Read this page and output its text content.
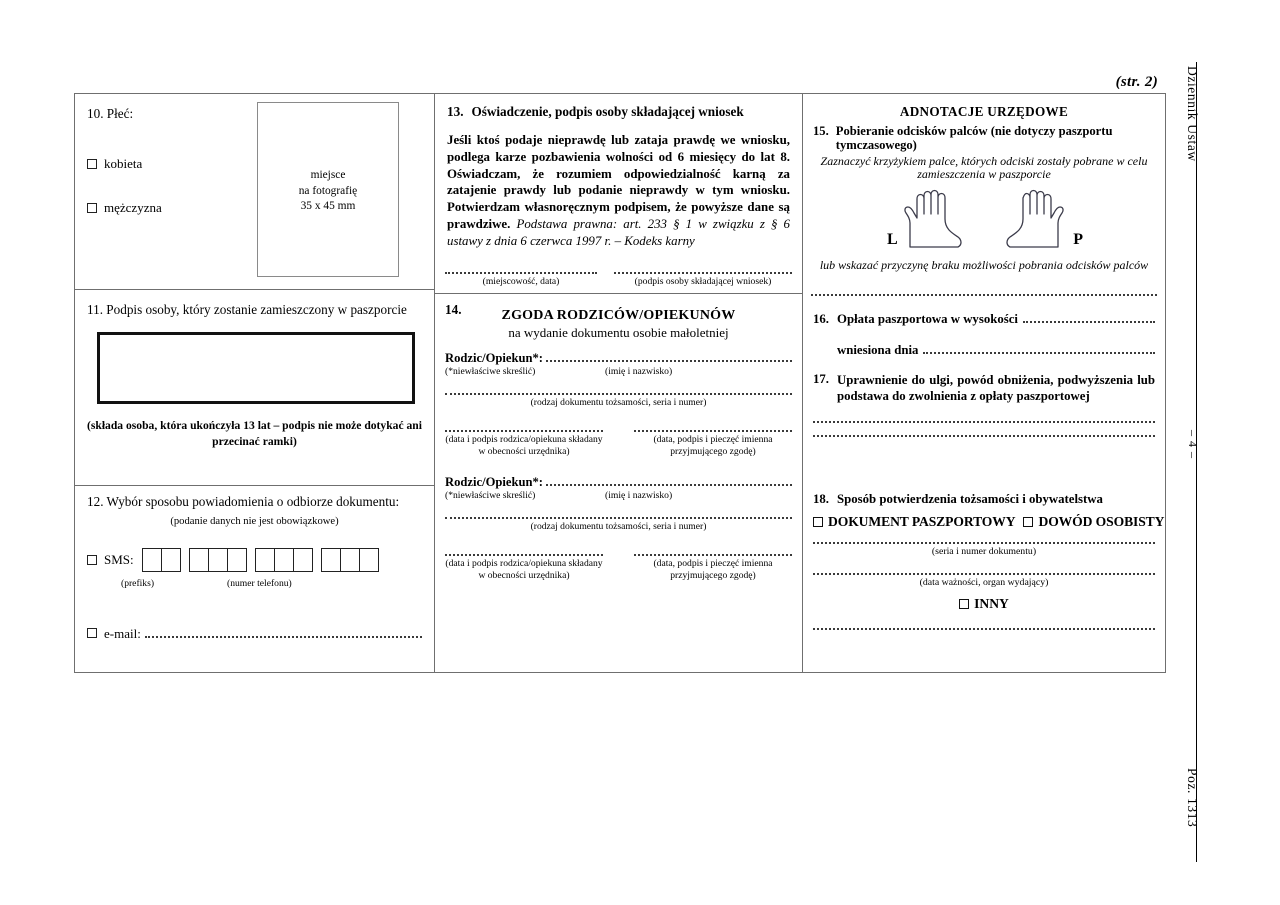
(str. 2) Dziennik Ustaw
– 4 –
Poz. 1313
10. Płeć:
kobieta
mężczyzna
miejsce
na fotografię
35 x 45 mm
11. Podpis osoby, który zostanie zamieszczony w paszporcie
(składa osoba, która ukończyła 13 lat – podpis nie może dotykać ani przecinać ramki)
12. Wybór sposobu powiadomienia o odbiorze dokumentu:
(podanie danych nie jest obowiązkowe)
SMS:
(prefiks)	(numer telefonu)
e-mail:
13. Oświadczenie, podpis osoby składającej wniosek
Jeśli ktoś podaje nieprawdę lub zataja prawdę we wniosku, podlega karze pozbawienia wolności od 6 miesięcy do lat 8. Oświadczam, że rozumiem odpowiedzialność karną za zatajenie prawdy lub podanie nieprawdy w tym wniosku. Potwierdzam własnoręcznym podpisem, że powyższe dane są prawdziwe. Podstawa prawna: art. 233 § 1 w związku z § 6 ustawy z dnia 6 czerwca 1997 r. – Kodeks karny
(miejscowość, data)	(podpis osoby składającej wniosek)
14.	ZGODA RODZICÓW/OPIEKUNÓW
na wydanie dokumentu osobie małoletniej
Rodzic/Opiekun*:
(*niewłaściwe skreślić)	(imię i nazwisko)
(rodzaj dokumentu tożsamości, seria i numer)
(data i podpis rodzica/opiekuna składany w obecności urzędnika)
(data, podpis i pieczęć imienna przyjmującego zgodę)
Rodzic/Opiekun*:
(*niewłaściwe skreślić)	(imię i nazwisko)
(rodzaj dokumentu tożsamości, seria i numer)
(data i podpis rodzica/opiekuna składany w obecności urzędnika)
(data, podpis i pieczęć imienna przyjmującego zgodę)
ADNOTACJE URZĘDOWE
15. Pobieranie odcisków palców (nie dotyczy paszportu tymczasowego)
Zaznaczyć krzyżykiem palce, których odciski zostały pobrane w celu zamieszczenia w paszporcie
L	P
lub wskazać przyczynę braku możliwości pobrania odcisków palców
16. Opłata paszportowa w wysokości
wniesiona dnia
17. Uprawnienie do ulgi, powód obniżenia, podwyższenia lub podstawa do zwolnienia z opłaty paszportowej
18. Sposób potwierdzenia tożsamości i obywatelstwa
DOKUMENT PASZPORTOWY DOWÓD OSOBISTY
(seria i numer dokumentu)
(data ważności, organ wydający)
INNY
